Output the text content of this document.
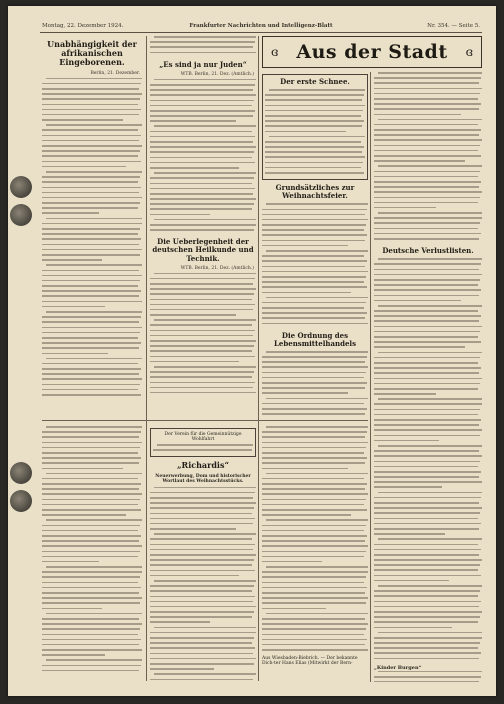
Montag, 22. Dezember 1924.	Frankfurter Nachrichten und Intelligenz-Blatt	Nr. 354. — Seite 5.
ɞ Aus der Stadt ɞ
Unabhängigkeit der afrikanischen Eingeborenen.
Berlin, 21. Dezember.
„Es sind ja nur Juden“
WTB. Berlin, 21. Dez. (Amtlich.)
Die Ueberlegenheit der deutschen Heilkunde und Technik.
WTB. Berlin, 21. Dez. (Amtlich.)
Der erste Schnee.
Grundsätzliches zur Weihnachtsfeier.
Die Ordnung des Lebensmittelhandels
Deutsche Verlustlisten.
„Kinder Burgen“
Der Verein für die Gemeinnützige Wohlfahrt
„Richardis“
Neuerwerbung, Dom und historischer Wortlaut des Weihnachtsstücks.
Aus Wiesbaden-Biebrich. — Der bekannte Dich-ter Hans Elias (Mitwirkt der Bern-
